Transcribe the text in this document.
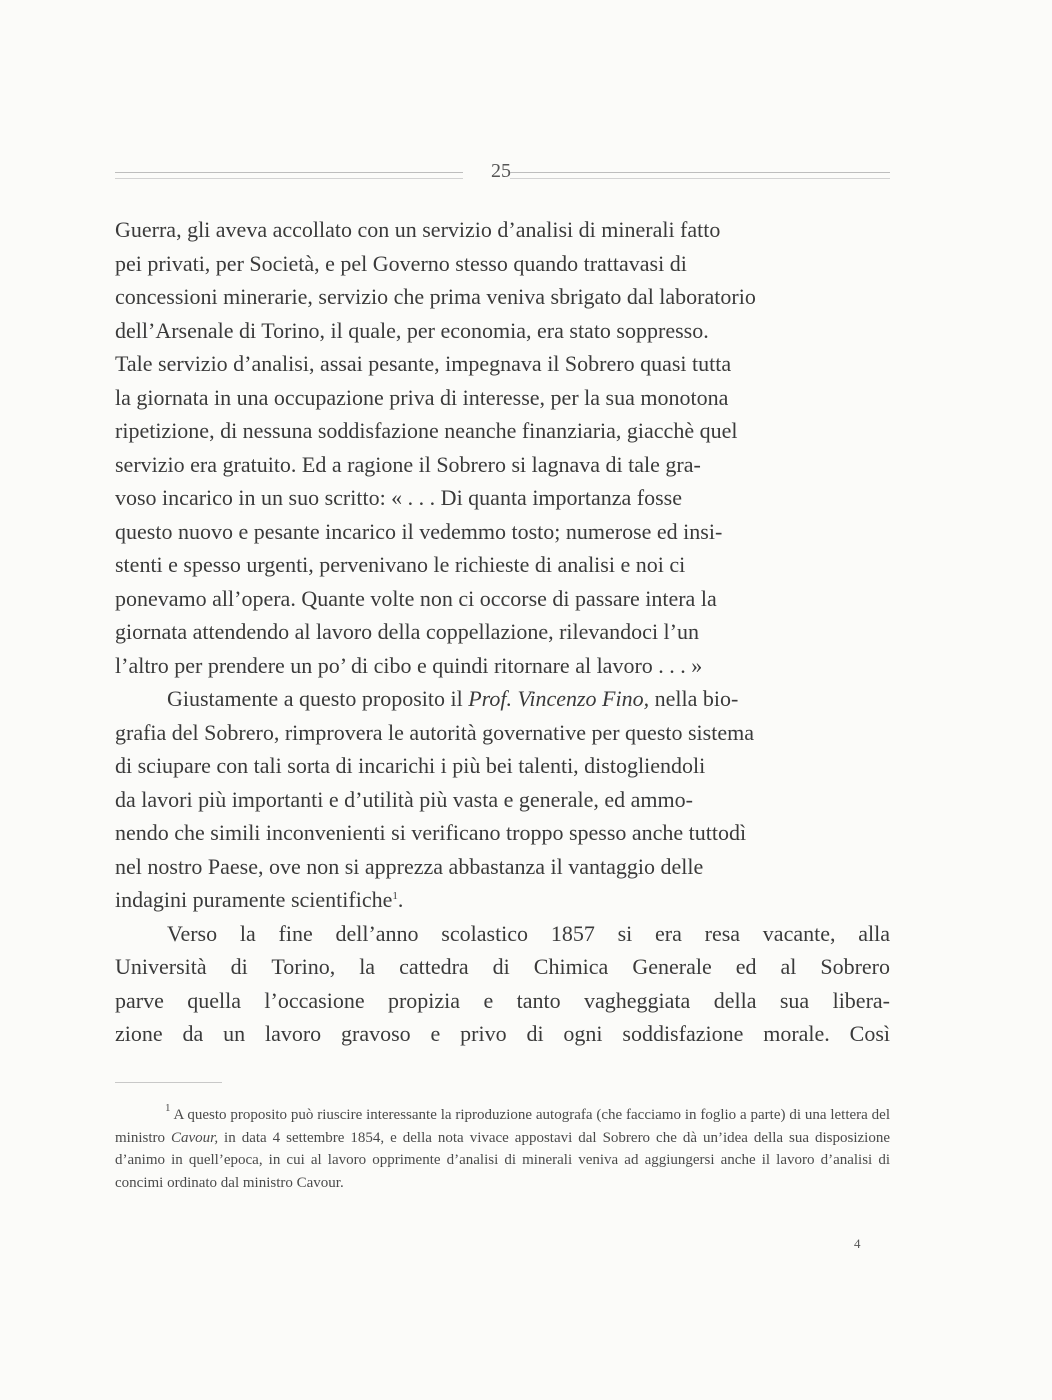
25

Guerra, gli aveva accollato con un servizio d’analisi di minerali fatto
pei privati, per Società, e pel Governo stesso quando trattavasi di
concessioni minerarie, servizio che prima veniva sbrigato dal laboratorio
dell’Arsenale di Torino, il quale, per economia, era stato soppresso.
Tale servizio d’analisi, assai pesante, impegnava il Sobrero quasi tutta
la giornata in una occupazione priva di interesse, per la sua monotona
ripetizione, di nessuna soddisfazione neanche finanziaria, giacchè quel
servizio era gratuito. Ed a ragione il Sobrero si lagnava di tale gra-
voso incarico in un suo scritto: « . . . Di quanta importanza fosse
questo nuovo e pesante incarico il vedemmo tosto; numerose ed insi-
stenti e spesso urgenti, pervenivano le richieste di analisi e noi ci
ponevamo all’opera. Quante volte non ci occorse di passare intera la
giornata attendendo al lavoro della coppellazione, rilevandoci l’un
l’altro per prendere un po’ di cibo e quindi ritornare al lavoro . . . »

Giustamente a questo proposito il Prof. Vincenzo Fino, nella bio-
grafia del Sobrero, rimprovera le autorità governative per questo sistema
di sciupare con tali sorta di incarichi i più bei talenti, distogliendoli
da lavori più importanti e d’utilità più vasta e generale, ed ammo-
nendo che simili inconvenienti si verificano troppo spesso anche tuttodì
nel nostro Paese, ove non si apprezza abbastanza il vantaggio delle
indagini puramente scientifiche$^1$.

Verso la fine dell’anno scolastico 1857 si era resa vacante, alla
Università di Torino, la cattedra di Chimica Generale ed al Sobrero
parve quella l’occasione propizia e tanto vagheggiata della sua libera-
zione da un lavoro gravoso e privo di ogni soddisfazione morale. Così

$^1$ A questo proposito può riuscire interessante la riproduzione autografa (che facciamo in foglio a parte) di una lettera del ministro Cavour, in data 4 settembre 1854, e della nota vivace appostavi dal Sobrero che dà un’idea della sua disposizione d’animo in quell’epoca, in cui al lavoro opprimente d’analisi di minerali veniva ad aggiungersi anche il lavoro d’analisi di concimi ordinato dal ministro Cavour.
4
